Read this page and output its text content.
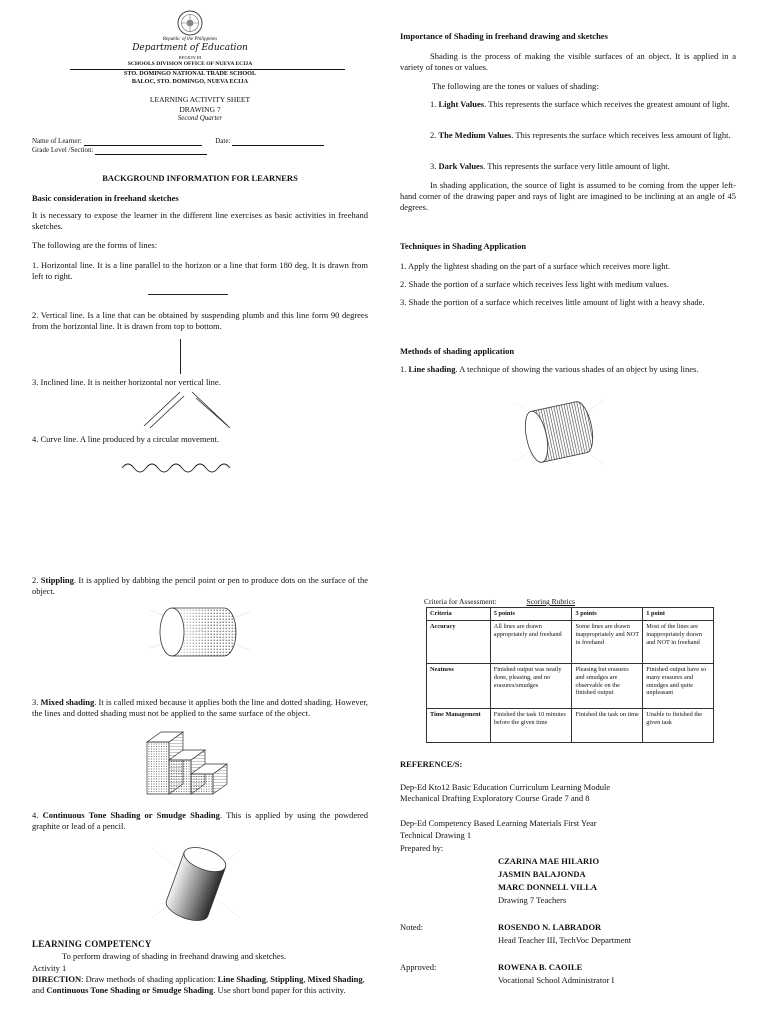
Republic of the Philippines
Department of Education
REGION III
SCHOOLS DIVISION OFFICE OF NUEVA ECIJA
STO. DOMINGO NATIONAL TRADE SCHOOL
BALOC, STO. DOMINGO, NUEVA ECIJA
LEARNING ACTIVITY SHEET
DRAWING 7
Second Quarter
Name of Learner:	Date:
Grade Level /Section:
BACKGROUND INFORMATION FOR LEARNERS
Basic consideration in freehand sketches

It is necessary to expose the learner in the different line exercises as basic activities in freehand sketches.

The following are the forms of lines:

1. Horizontal line. It is a line parallel to the horizon or a line that form 180 deg. It is drawn from left to right.

2. Vertical line. Is a line that can be obtained by suspending plumb and this line form 90 degrees from the horizontal line. It is drawn from top to bottom.

3. Inclined line. It is neither horizontal nor vertical line.

4. Curve line. A line produced by a circular movement.

2. Stippling. It is applied by dabbing the pencil point or pen to produce dots on the surface of the object.

3. Mixed shading. It is called mixed because it applies both the line and dotted shading. However, the lines and dotted shading must not be applied to the same surface of the object.

4. Continuous Tone Shading or Smudge Shading. This is applied by using the powdered graphite or lead of a pencil.

LEARNING COMPETENCY

To perform drawing of shading in freehand drawing and sketches.

Activity 1

DIRECTION: Draw methods of shading application: Line Shading, Stippling, Mixed Shading, and Continuous Tone Shading or Smudge Shading. Use short bond paper for this activity.

Importance of Shading in freehand drawing and sketches

Shading is the process of making the visible surfaces of an object. It is applied in a variety of tones or values.

The following are the tones or values of shading:

1. Light Values. This represents the surface which receives the greatest amount of light.

2. The Medium Values. This represents the surface which receives less amount of light.

3. Dark Values. This represents the surface very little amount of light.

In shading application, the source of light is assumed to be coming from the upper left-hand corner of the drawing paper and rays of light are imagined to be inclining at an angle of 45 degrees.

Techniques in Shading Application

1. Apply the lightest shading on the part of a surface which receives more light.

2. Shade the portion of a surface which receives less light with medium values.

3. Shade the portion of a surface which receives little amount of light with a heavy shade.

Methods of shading application

1. Line shading. A technique of showing the various shades of an object by using lines.

Criteria for Assessment:	Scoring Rubrics
Criteria	5 points	3 points	1 point
Accuracy	All lines are drawn appropriately and freehand	Some lines are drawn inappropriately and NOT in freehand	Most of the lines are inappropriately drawn and NOT in freehand
Neatness	Finished output was neatly done, pleasing, and no erasures/smudges	Pleasing but erasures and smudges are observable on the finished output	Finished output have so many erasures and smudges and quite unpleasant
Time Management	Finished the task 10 minutes before the given time	Finished the task on time	Unable to finished the given task
REFERENCE/S:

Dep-Ed Kto12 Basic Education Curriculum Learning Module

Mechanical Drafting Exploratory Course Grade 7 and 8

Dep-Ed Competency Based Learning Materials First Year

Technical Drawing 1

Prepared by:

CZARINA MAE HILARIO
JASMIN BALAJONDA
MARC DONNELL VILLA
Drawing 7 Teachers

Noted:	ROSENDO N. LABRADOR
Head Teacher III, TechVoc Department

Approved:	ROWENA B. CAOILE
Vocational School Administrator I
